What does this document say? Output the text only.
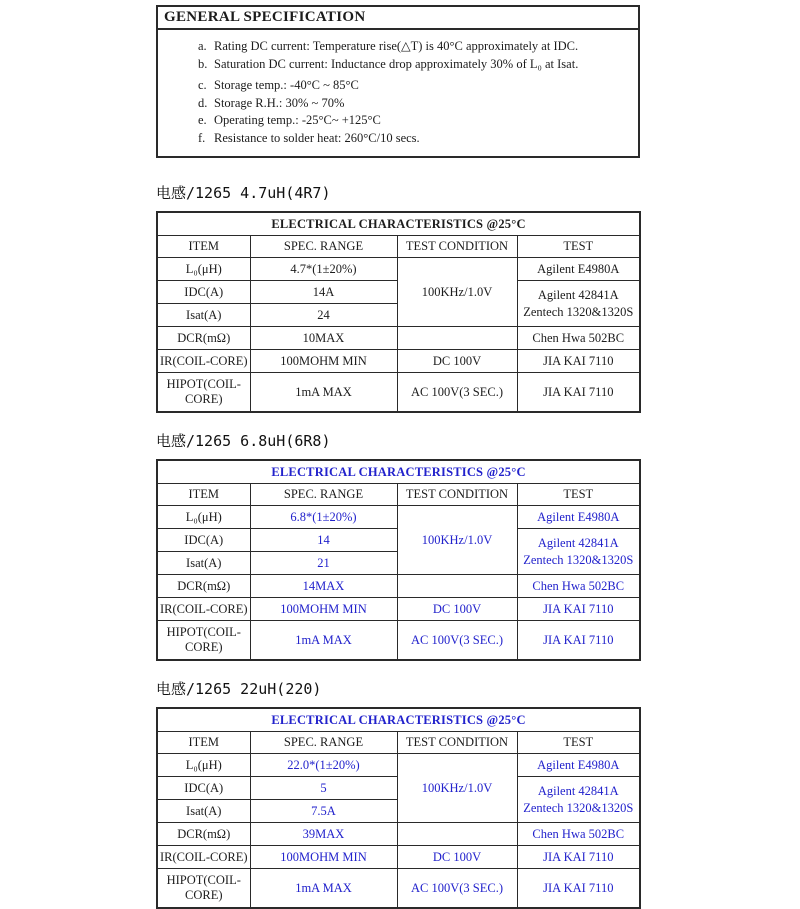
GENERAL SPECIFICATION
a. Rating DC current: Temperature rise(△T) is 40°C approximately at IDC.
b. Saturation DC current: Inductance drop approximately 30% of L₀ at Isat.
c. Storage temp.: -40°C ~ 85°C
d. Storage R.H.: 30% ~ 70%
e. Operating temp.: -25°C~ +125°C
f. Resistance to solder heat: 260°C/10 secs.
电感/1265 4.7uH(4R7)
ELECTRICAL CHARACTERISTICS @25°C			
ITEM	SPEC. RANGE	TEST CONDITION	TEST
L₀(μH)	4.7*(1±20%)	100KHz/1.0V	Agilent E4980A
IDC(A)	14A		Agilent 42841A
Zentech 1320&1320S

Isat(A)	24		
DCR(mΩ)	10MAX		Chen Hwa 502BC
IR(COIL-CORE)	100MOHM MIN	DC 100V	JIA KAI 7110
HIPOT(COIL-CORE)	1mA MAX	AC 100V(3 SEC.)	JIA KAI 7110
电感/1265 6.8uH(6R8)
ELECTRICAL CHARACTERISTICS @25°C			
ITEM	SPEC. RANGE	TEST CONDITION	TEST
L₀(μH)	6.8*(1±20%)	100KHz/1.0V	Agilent E4980A
IDC(A)	14		Agilent 42841A
Zentech 1320&1320S

Isat(A)	21		
DCR(mΩ)	14MAX		Chen Hwa 502BC
IR(COIL-CORE)	100MOHM MIN	DC 100V	JIA KAI 7110
HIPOT(COIL-CORE)	1mA MAX	AC 100V(3 SEC.)	JIA KAI 7110
电感/1265 22uH(220)
ELECTRICAL CHARACTERISTICS @25°C			
ITEM	SPEC. RANGE	TEST CONDITION	TEST
L₀(μH)	22.0*(1±20%)	100KHz/1.0V	Agilent E4980A
IDC(A)	5		Agilent 42841A
Zentech 1320&1320S

Isat(A)	7.5A		
DCR(mΩ)	39MAX		Chen Hwa 502BC
IR(COIL-CORE)	100MOHM MIN	DC 100V	JIA KAI 7110
HIPOT(COIL-CORE)	1mA MAX	AC 100V(3 SEC.)	JIA KAI 7110
